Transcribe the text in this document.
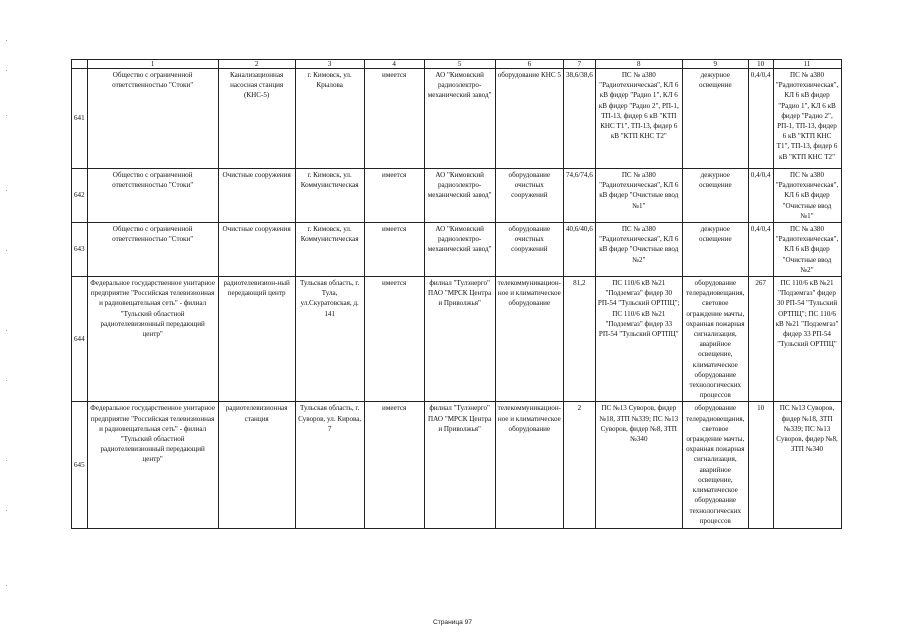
	1	2	3	4	5	6	7	8	9	10	11
641	Общество с ограниченной ответственностью "Стоки"	Канализационная насосная станция (КНС-5)	г. Кимовск, ул. Крылова	имеется	АО "Кимовский радиоэлектро-механический завод"	оборудование КНС 5	38,6/38,6	ПС № а380 "Радиотехническая", КЛ 6 кВ фидер "Радио 1", КЛ 6 кВ фидер "Радио 2", РП-1, ТП-13, фидер 6 кВ "КТП КНС Т1", ТП-13, фидер 6 кВ "КТП КНС Т2"	дежурное освещение	0,4/0,4	ПС № а380 "Радиотехническая", КЛ 6 кВ фидер "Радио 1", КЛ 6 кВ фидер "Радио 2", РП-1, ТП-13, фидер 6 кВ "КТП КНС Т1", ТП-13, фидер 6 кВ "КТП КНС Т2"
642	Общество с ограниченной ответственностью "Стоки"	Очистные сооружения	г. Кимовск, ул. Коммунистическая	имеется	АО "Кимовский радиоэлектро-механический завод"	оборудование очистных сооружений	74,6/74,6	ПС № а380 "Радиотехническая", КЛ 6 кВ фидер "Очистные ввод №1"	дежурное освещение	0,4/0,4	ПС № а380 "Радиотехническая", КЛ 6 кВ фидер "Очистные ввод №1"
643	Общество с ограниченной ответственностью "Стоки"	Очистные сооружения	г. Кимовск, ул. Коммунистическая	имеется	АО "Кимовский радиоэлектро-механический завод"	оборудование очистных сооружений	40,6/40,6	ПС № а380 "Радиотехническая", КЛ 6 кВ фидер "Очистные ввод №2"	дежурное освещение	0,4/0,4	ПС № а380 "Радиотехническая", КЛ 6 кВ фидер "Очистные ввод №2"
644	Федеральное государственное унитарное предприятие "Российская телевизионная и радиовещательная сеть" - филиал "Тульский областной радиотелевизионный передающий центр"	радиотелевизион-ный передающий центр	Тульская область, г. Тула, ул.Скуратовская, д. 141	имеется	филиал "Тулэнерго" ПАО "МРСК Центра и Приволжья"	телекоммуникацион-ное и климатическое оборудование	81,2	ПС 110/6 кВ №21 "Подземгаз" фидер 30 РП-54 "Тульский ОРТПЦ"; ПС 110/6 кВ №21 "Подземгаз" фидер 33 РП-54 "Тульский ОРТПЦ"	оборудование телерадиовещания, световое ограждение мачты, охранная пожарная сигнализация, аварийное освещение, климатическое оборудование технологических процессов	267	ПС 110/6 кВ №21 "Подземгаз" фидер 30 РП-54 "Тульский ОРТПЦ"; ПС 110/6 кВ №21 "Подземгаз" фидер 33 РП-54 "Тульский ОРТПЦ"
645	Федеральное государственное унитарное предприятие "Российская телевизионная и радиовещательная сеть" - филиал "Тульский областной радиотелевизионный передающий центр"	радиотелевизионная станция	Тульская область, г. Суворов, ул. Кирова, 7	имеется	филиал "Тулэнерго" ПАО "МРСК Центра и Приволжья"	телекоммуникацион-ное и климатическое оборудование	2	ПС №13 Суворов, фидер №18, ЗТП №339; ПС №13 Суворов, фидер №8, ЗТП №340	оборудование телерадиовещания, световое ограждение мачты, охранная пожарная сигнализация, аварийное освещение, климатическое оборудование технологических процессов	10	ПС №13 Суворов, фидер №18, ЗТП №339; ПС №13 Суворов, фидер №8, ЗТП №340
Страница 97
